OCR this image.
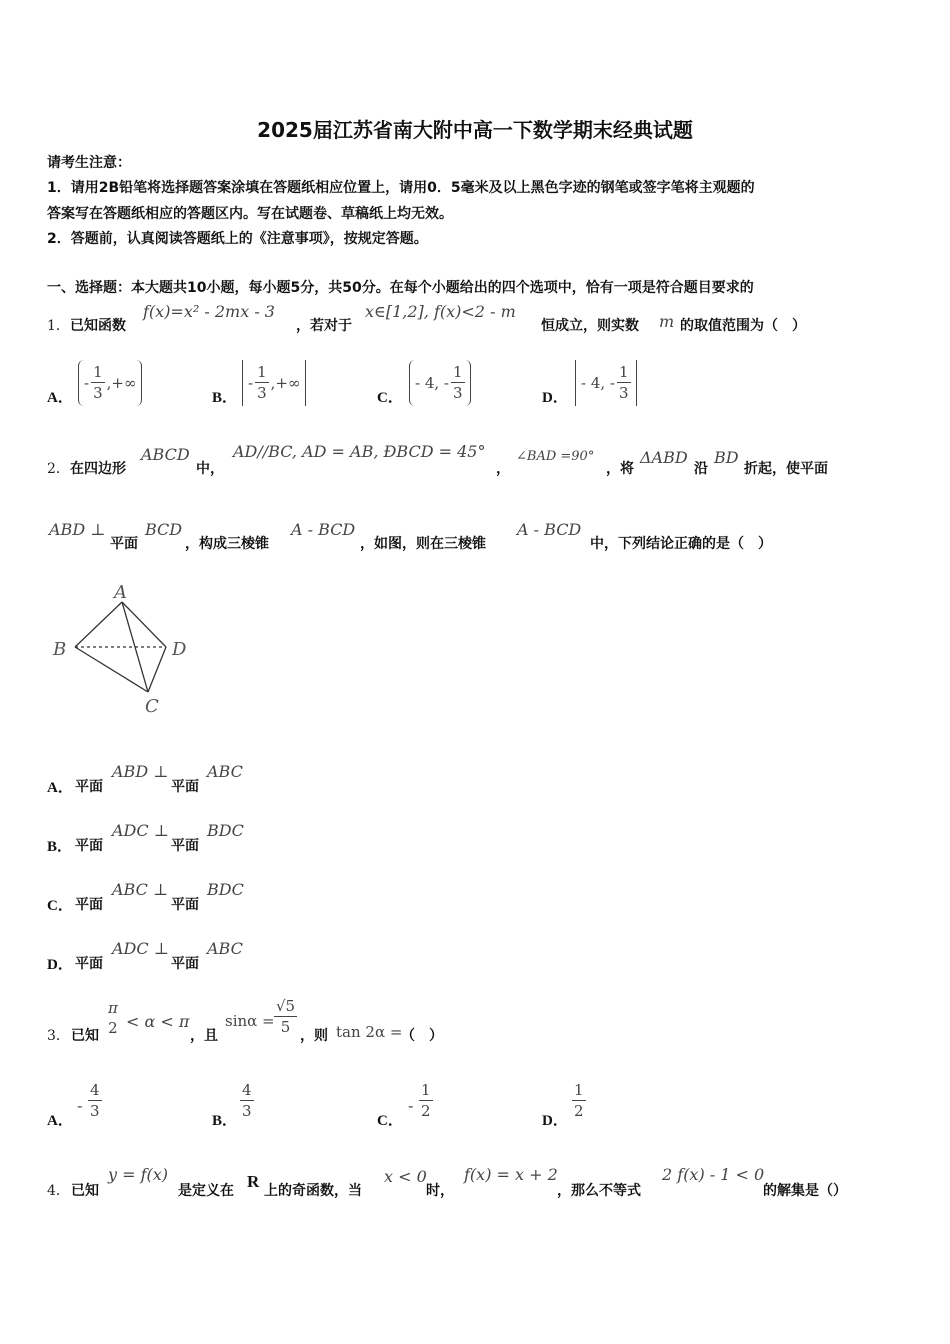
2025届江苏省南大附中高一下数学期末经典试题
请考生注意：
1．请用2B铅笔将选择题答案涂填在答题纸相应位置上，请用0．5毫米及以上黑色字迹的钢笔或签字笔将主观题的
答案写在答题纸相应的答题区内。写在试题卷、草稿纸上均无效。
2．答题前，认真阅读答题纸上的《注意事项》，按规定答题。
一、选择题：本大题共10小题，每小题5分，共50分。在每个小题给出的四个选项中，恰有一项是符合题目要求的
1． 已知函数
f(x)=x² - 2mx - 3
，若对于
x∈[1,2], f(x)<2 - m
恒成立，则实数 m 的取值范围为（　）
A．
- $\frac{1}{3}$ ,+∞
B．
- $\frac{1}{3}$ ,+∞
C．
- 4, - $\frac{1}{3}$	D．
- 4, - $\frac{1}{3}$
2． 在四边形
ABCD
中，
AD//BC, AD = AB, ÐBCD = 45°
，
∠BAD =90°
，将
ΔABD
沿
BD
折起，使平面
ABD ⊥
平面
BCD
，构成三棱锥
A - BCD
，如图，则在三棱锥
A - BCD
中，下列结论正确的是（　）
A
B	D
C
A． 平面
ABD ⊥
平面
ABC
B． 平面
ADC ⊥
平面
BDC
C． 平面
ABC ⊥
平面
BDC
D． 平面
ADC ⊥
平面
ABC
3． 已知
π
2 < α < π
，且
$\sin\alpha = \frac{√5}{5}$
，则 tan 2α =
（　）
A．
- $\frac{4}{3}$
B．
$\frac{4}{3}$
C．
- $\frac{1}{2}$
D．
$\frac{1}{2}$
4． 已知
y = f(x)
是定义在 R 上的奇函数，当
x < 0
时，
f(x) = x + 2
，那么不等式
2 f(x) - 1 < 0
的解集是（）
